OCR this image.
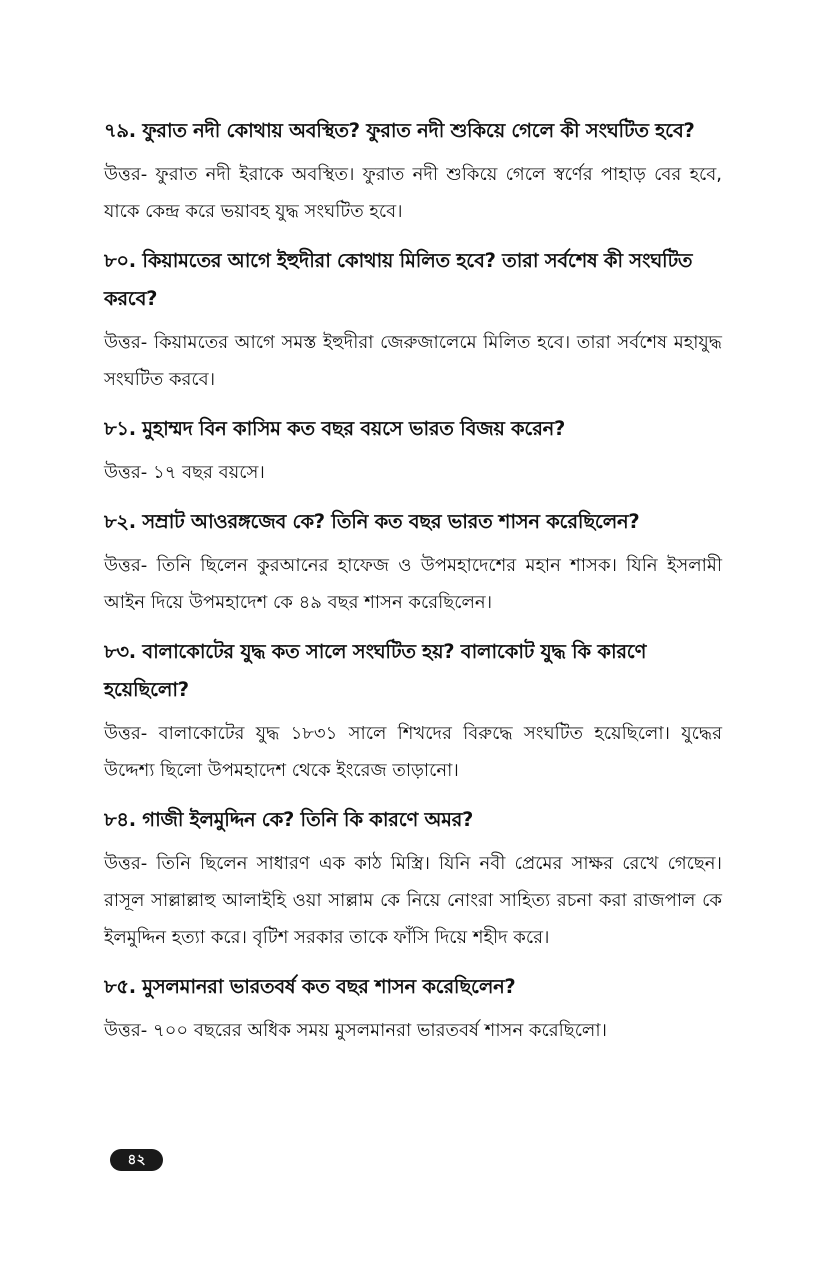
৭৯. ফুরাত নদী কোথায় অবস্থিত? ফুরাত নদী শুকিয়ে গেলে কী সংঘটিত হবে?

উত্তর- ফুরাত নদী ইরাকে অবস্থিত। ফুরাত নদী শুকিয়ে গেলে স্বর্ণের পাহাড় বের হবে, যাকে কেন্দ্র করে ভয়াবহ যুদ্ধ সংঘটিত হবে।

৮০. কিয়ামতের আগে ইহুদীরা কোথায় মিলিত হবে? তারা সর্বশেষ কী সংঘটিত করবে?

উত্তর- কিয়ামতের আগে সমস্ত ইহুদীরা জেরুজালেমে মিলিত হবে। তারা সর্বশেষ মহাযুদ্ধ সংঘটিত করবে।

৮১. মুহাম্মদ বিন কাসিম কত বছর বয়সে ভারত বিজয় করেন?

উত্তর- ১৭ বছর বয়সে।

৮২. সম্রাট আওরঙ্গজেব কে? তিনি কত বছর ভারত শাসন করেছিলেন?

উত্তর- তিনি ছিলেন কুরআনের হাফেজ ও উপমহাদেশের মহান শাসক। যিনি ইসলামী আইন দিয়ে উপমহাদেশ কে ৪৯ বছর শাসন করেছিলেন।

৮৩. বালাকোটের যুদ্ধ কত সালে সংঘটিত হয়? বালাকোট যুদ্ধ কি কারণে হয়েছিলো?

উত্তর- বালাকোটের যুদ্ধ ১৮৩১ সালে শিখদের বিরুদ্ধে সংঘটিত হয়েছিলো। যুদ্ধের উদ্দেশ্য ছিলো উপমহাদেশ থেকে ইংরেজ তাড়ানো।

৮৪. গাজী ইলমুদ্দিন কে? তিনি কি কারণে অমর?

উত্তর- তিনি ছিলেন সাধারণ এক কাঠ মিস্ত্রি। যিনি নবী প্রেমের সাক্ষর রেখে গেছেন। রাসূল সাল্লাল্লাহু আলাইহি ওয়া সাল্লাম কে নিয়ে নোংরা সাহিত্য রচনা করা রাজপাল কে ইলমুদ্দিন হত্যা করে। বৃটিশ সরকার তাকে ফাঁসি দিয়ে শহীদ করে।

৮৫. মুসলমানরা ভারতবর্ষ কত বছর শাসন করেছিলেন?

উত্তর- ৭০০ বছরের অধিক সময় মুসলমানরা ভারতবর্ষ শাসন করেছিলো।

৪২
